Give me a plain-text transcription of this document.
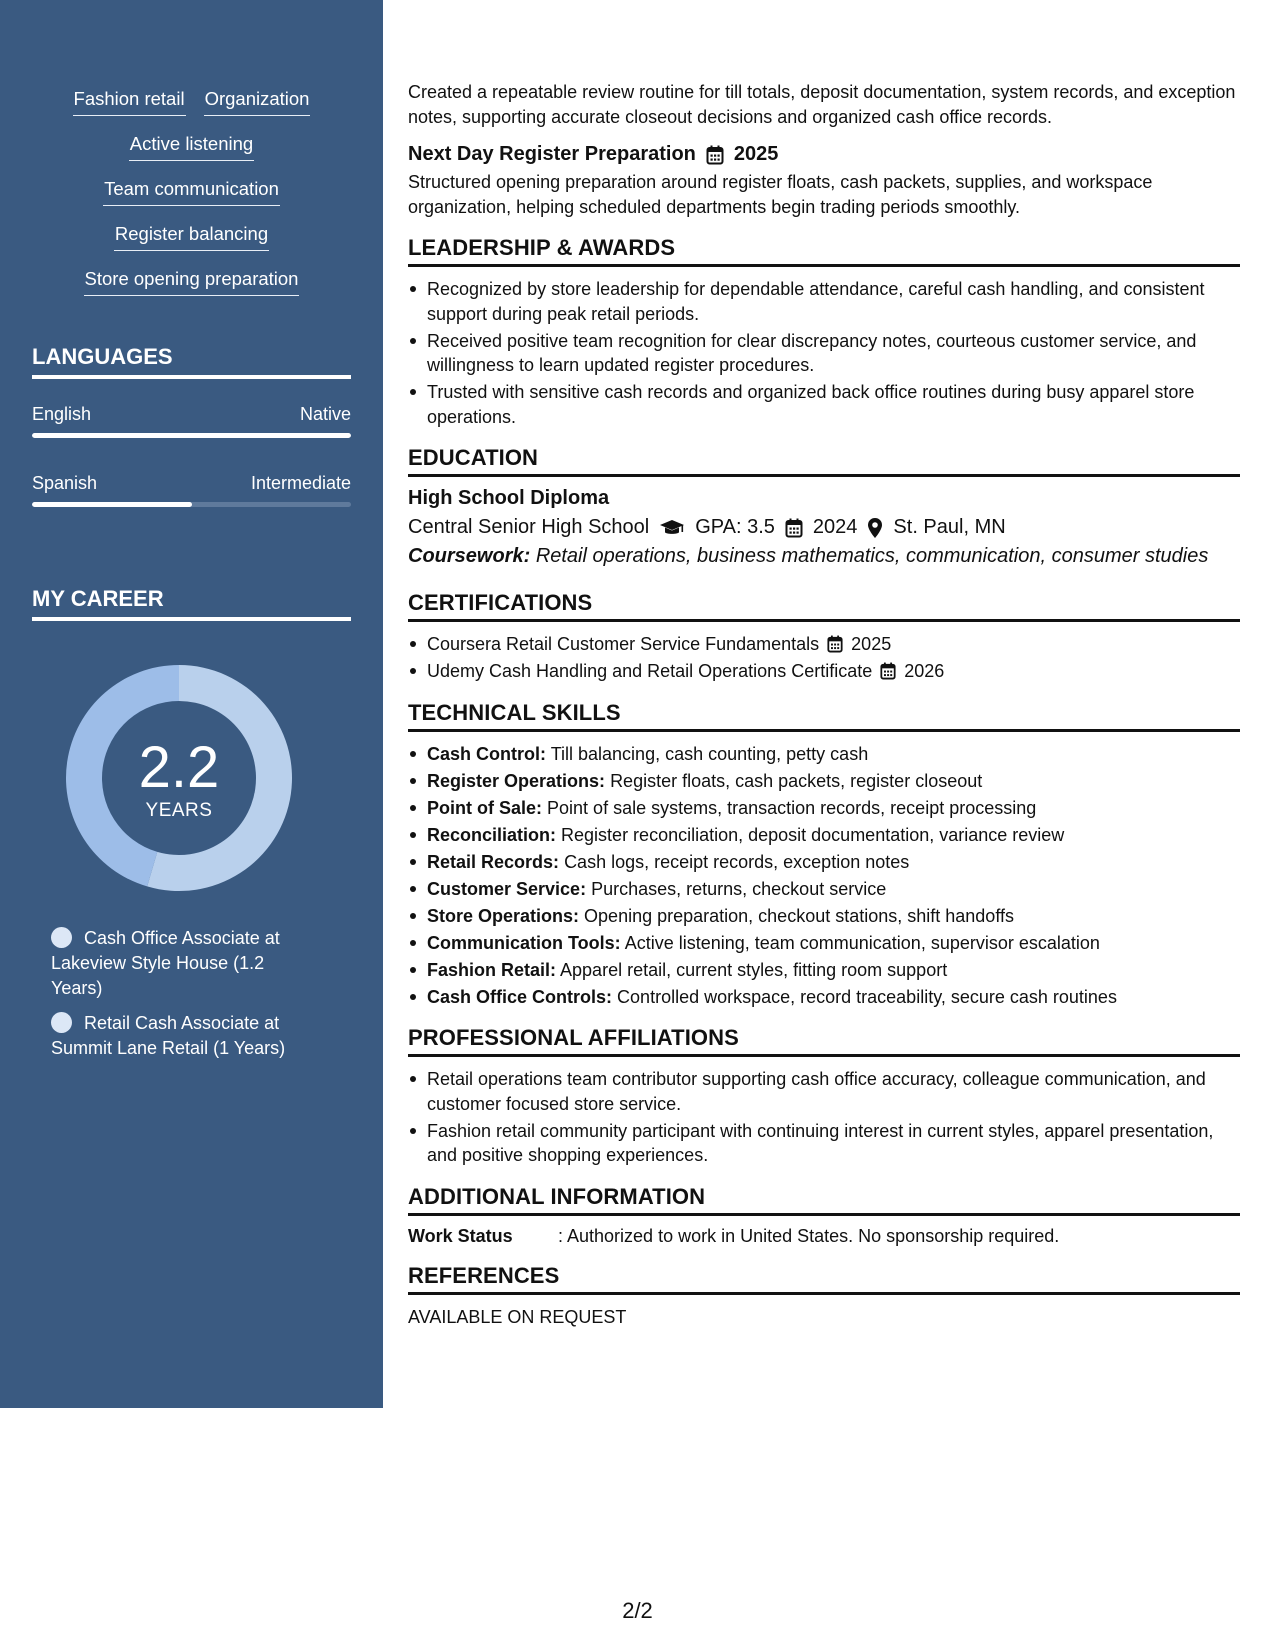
Fashion retail Organization
Active listening
Team communication
Register balancing
Store opening preparation
LANGUAGES
English	Native
Spanish	Intermediate
MY CAREER
2.2
YEARS
Cash Office Associate at Lakeview Style House (1.2 Years)
Retail Cash Associate at Summit Lane Retail (1 Years)

Created a repeatable review routine for till totals, deposit documentation, system records, and exception notes, supporting accurate closeout decisions and organized cash office records.

Next Day Register Preparation 2025

Structured opening preparation around register floats, cash packets, supplies, and workspace organization, helping scheduled departments begin trading periods smoothly.

LEADERSHIP & AWARDS
Recognized by store leadership for dependable attendance, careful cash handling, and consistent support during peak retail periods.
Received positive team recognition for clear discrepancy notes, courteous customer service, and willingness to learn updated register procedures.
Trusted with sensitive cash records and organized back office routines during busy apparel store operations.
EDUCATION
High School Diploma
Central Senior High School GPA: 3.5 2024 St. Paul, MN
Coursework: Retail operations, business mathematics, communication, consumer studies
CERTIFICATIONS
Coursera Retail Customer Service Fundamentals 2025
Udemy Cash Handling and Retail Operations Certificate 2026
TECHNICAL SKILLS
Cash Control: Till balancing, cash counting, petty cash
Register Operations: Register floats, cash packets, register closeout
Point of Sale: Point of sale systems, transaction records, receipt processing
Reconciliation: Register reconciliation, deposit documentation, variance review
Retail Records: Cash logs, receipt records, exception notes
Customer Service: Purchases, returns, checkout service
Store Operations: Opening preparation, checkout stations, shift handoffs
Communication Tools: Active listening, team communication, supervisor escalation
Fashion Retail: Apparel retail, current styles, fitting room support
Cash Office Controls: Controlled workspace, record traceability, secure cash routines
PROFESSIONAL AFFILIATIONS
Retail operations team contributor supporting cash office accuracy, colleague communication, and customer focused store service.
Fashion retail community participant with continuing interest in current styles, apparel presentation, and positive shopping experiences.
ADDITIONAL INFORMATION
Work Status	: Authorized to work in United States. No sponsorship required.
REFERENCES
AVAILABLE ON REQUEST
2/2
